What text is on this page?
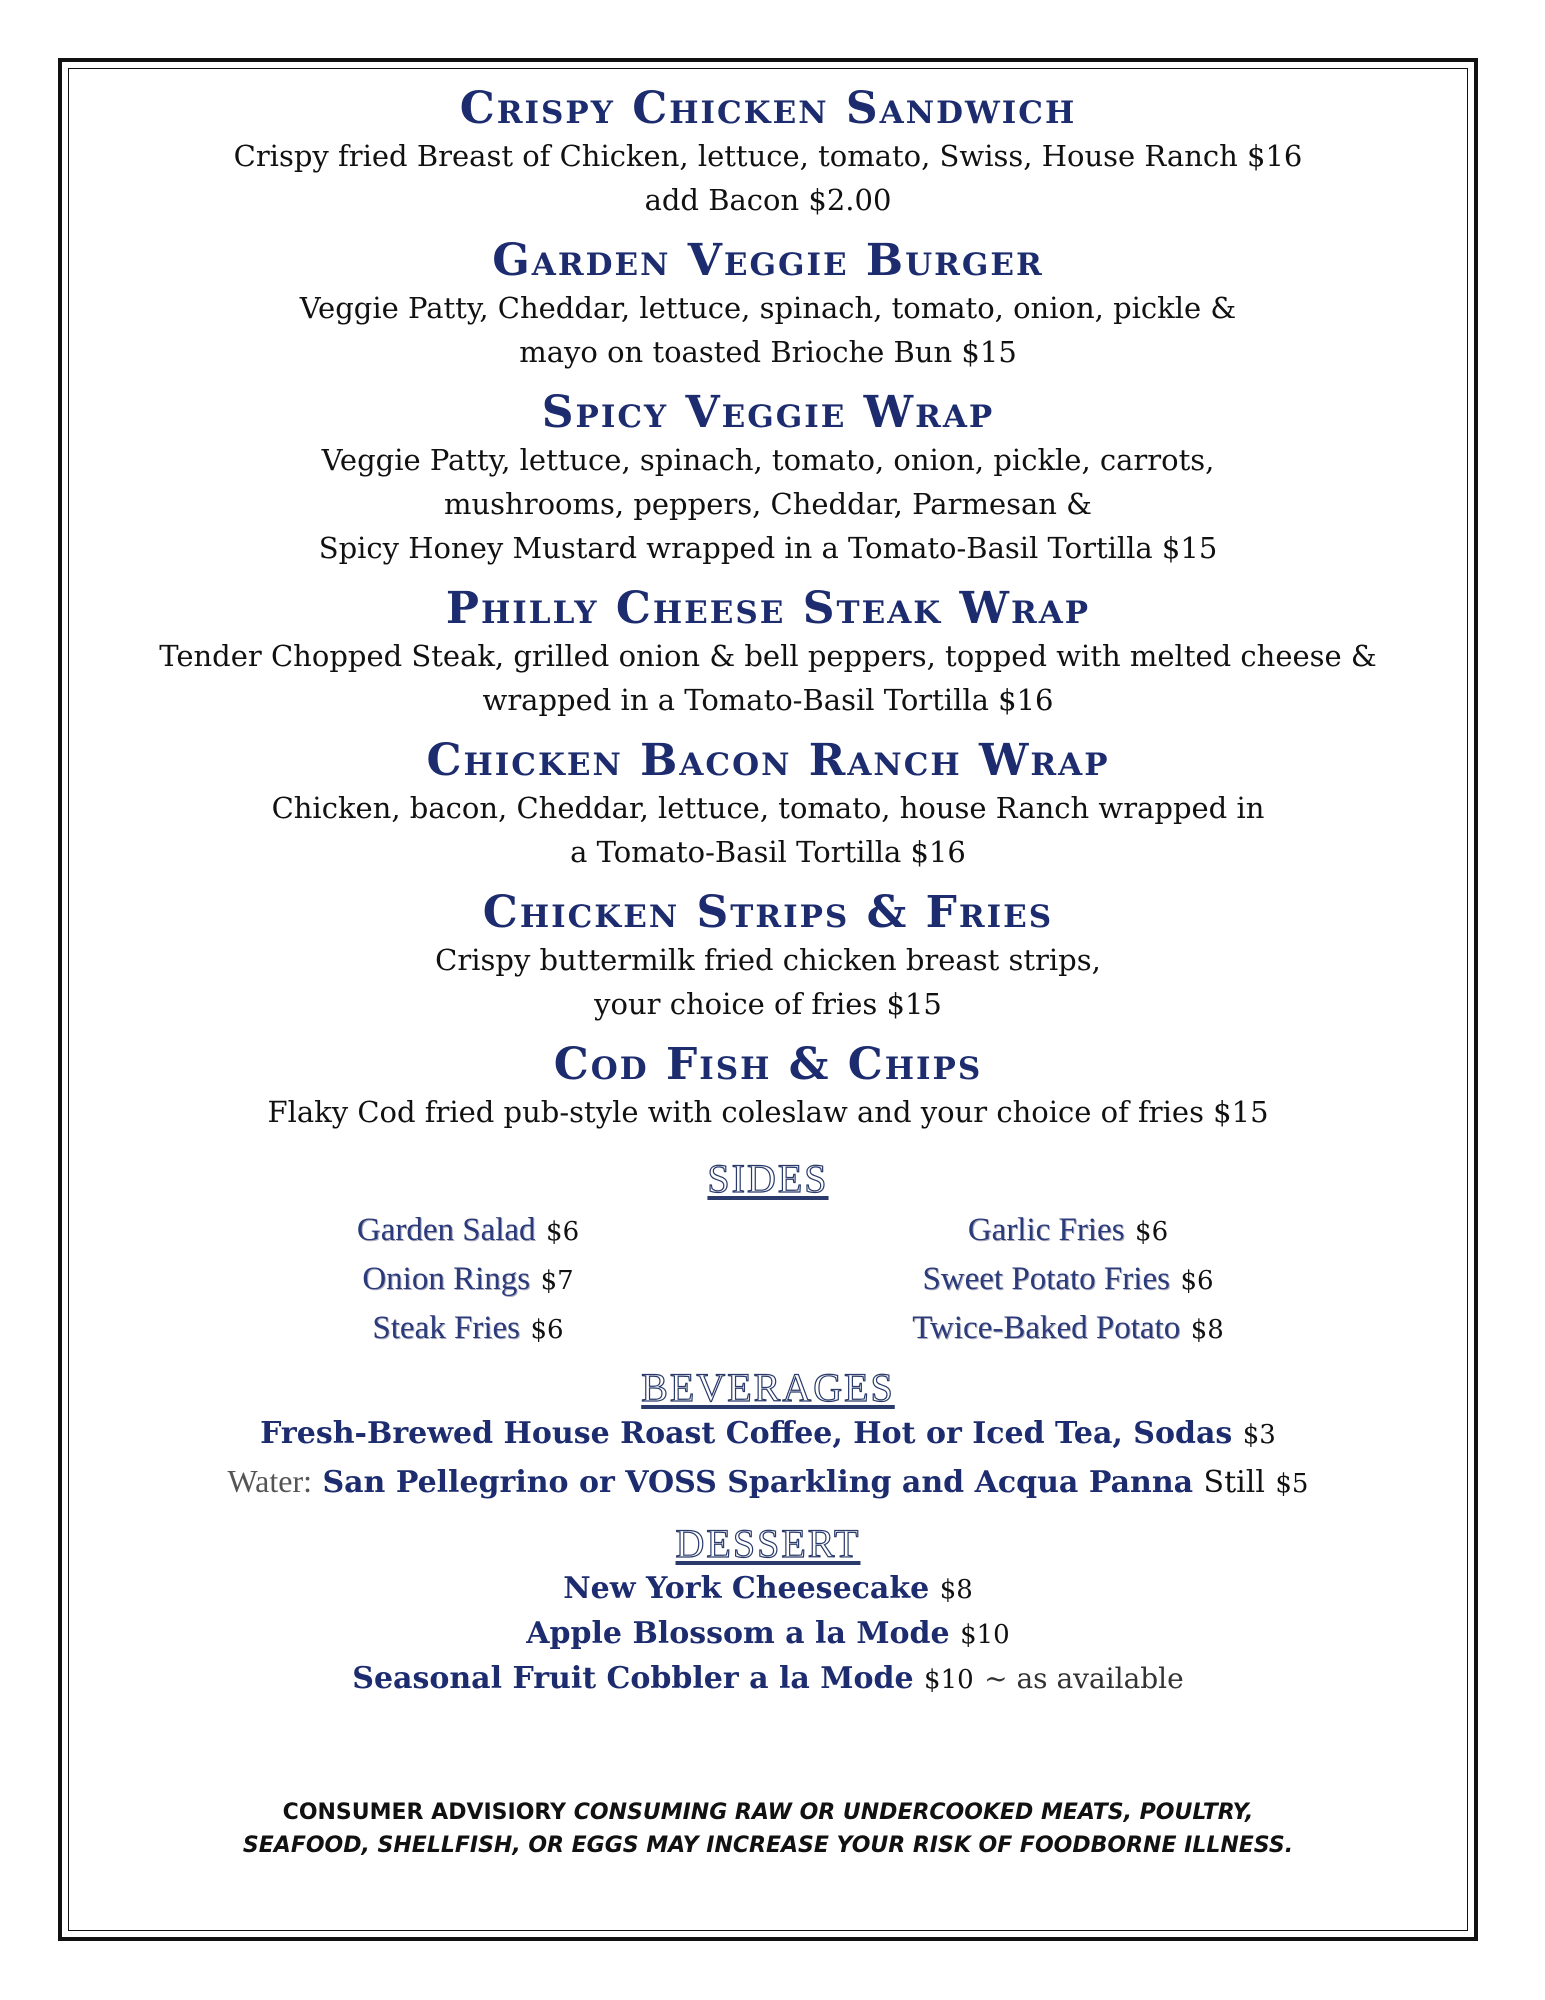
Crispy Chicken Sandwich
Crispy fried Breast of Chicken, lettuce, tomato, Swiss, House Ranch $16
add Bacon $2.00
Garden Veggie Burger
Veggie Patty, Cheddar, lettuce, spinach, tomato, onion, pickle &
mayo on toasted Brioche Bun $15
Spicy Veggie Wrap
Veggie Patty, lettuce, spinach, tomato, onion, pickle, carrots,
mushrooms, peppers, Cheddar, Parmesan &
Spicy Honey Mustard wrapped in a Tomato-Basil Tortilla $15
Philly Cheese Steak Wrap
Tender Chopped Steak, grilled onion & bell peppers, topped with melted cheese &
wrapped in a Tomato-Basil Tortilla $16
Chicken Bacon Ranch Wrap
Chicken, bacon, Cheddar, lettuce, tomato, house Ranch wrapped in
a Tomato-Basil Tortilla $16
Chicken Strips & Fries
Crispy buttermilk fried chicken breast strips,
your choice of fries $15
Cod Fish & Chips
Flaky Cod fried pub-style with coleslaw and your choice of fries $15
SIDES
Garden Salad $6
Onion Rings $7
Steak Fries $6
Garlic Fries $6
Sweet Potato Fries $6
Twice-Baked Potato $8
BEVERAGES
Fresh-Brewed House Roast Coffee, Hot or Iced Tea, Sodas $3
Water: San Pellegrino or VOSS Sparkling and Acqua Panna Still $5
DESSERT
New York Cheesecake $8
Apple Blossom a la Mode $10
Seasonal Fruit Cobbler a la Mode $10 ~ as available
CONSUMER ADVISIORY CONSUMING RAW OR UNDERCOOKED MEATS, POULTRY,
SEAFOOD, SHELLFISH, OR EGGS MAY INCREASE YOUR RISK OF FOODBORNE ILLNESS.
